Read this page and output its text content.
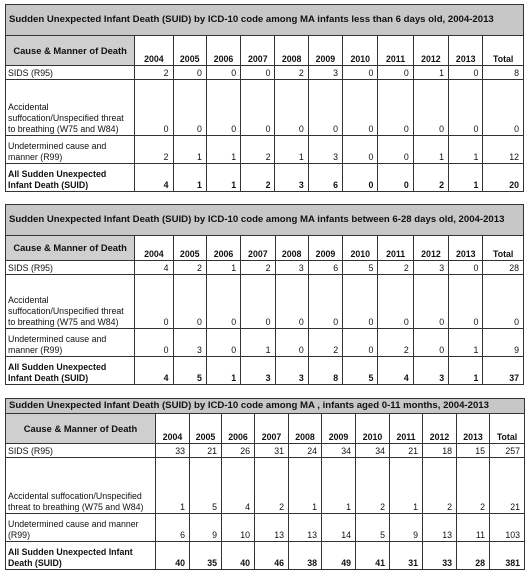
Sudden Unexpected Infant Death (SUID) by ICD-10 code among MA infants less than 6 days old, 2004-2013											
Cause & Manner of Death	2004	2005	2006	2007	2008	2009	2010	2011	2012	2013	Total
SIDS (R95)	2	0	0	0	2	3	0	0	1	0	8
Accidental suffocation/Unspecified threat to breathing (W75 and W84)	0	0	0	0	0	0	0	0	0	0	0
Undetermined cause and manner (R99)	2	1	1	2	1	3	0	0	1	1	12
All Sudden Unexpected Infant Death (SUID)	4	1	1	2	3	6	0	0	2	1	20
Sudden Unexpected Infant Death (SUID) by ICD-10 code among MA infants between 6-28 days old, 2004-2013											
Cause & Manner of Death	2004	2005	2006	2007	2008	2009	2010	2011	2012	2013	Total
SIDS (R95)	4	2	1	2	3	6	5	2	3	0	28
Accidental suffocation/Unspecified threat to breathing (W75 and W84)	0	0	0	0	0	0	0	0	0	0	0
Undetermined cause and manner (R99)	0	3	0	1	0	2	0	2	0	1	9
All Sudden Unexpected Infant Death (SUID)	4	5	1	3	3	8	5	4	3	1	37
Sudden Unexpected Infant Death (SUID) by ICD-10 code among MA , infants aged 0-11 months, 2004-2013											
Cause & Manner of Death	2004	2005	2006	2007	2008	2009	2010	2011	2012	2013	Total
SIDS (R95)	33	21	26	31	24	34	34	21	18	15	257
Accidental suffocation/Unspecified threat to breathing (W75 and W84)	1	5	4	2	1	1	2	1	2	2	21
Undetermined cause and manner (R99)	6	9	10	13	13	14	5	9	13	11	103
All Sudden Unexpected Infant Death (SUID)	40	35	40	46	38	49	41	31	33	28	381
